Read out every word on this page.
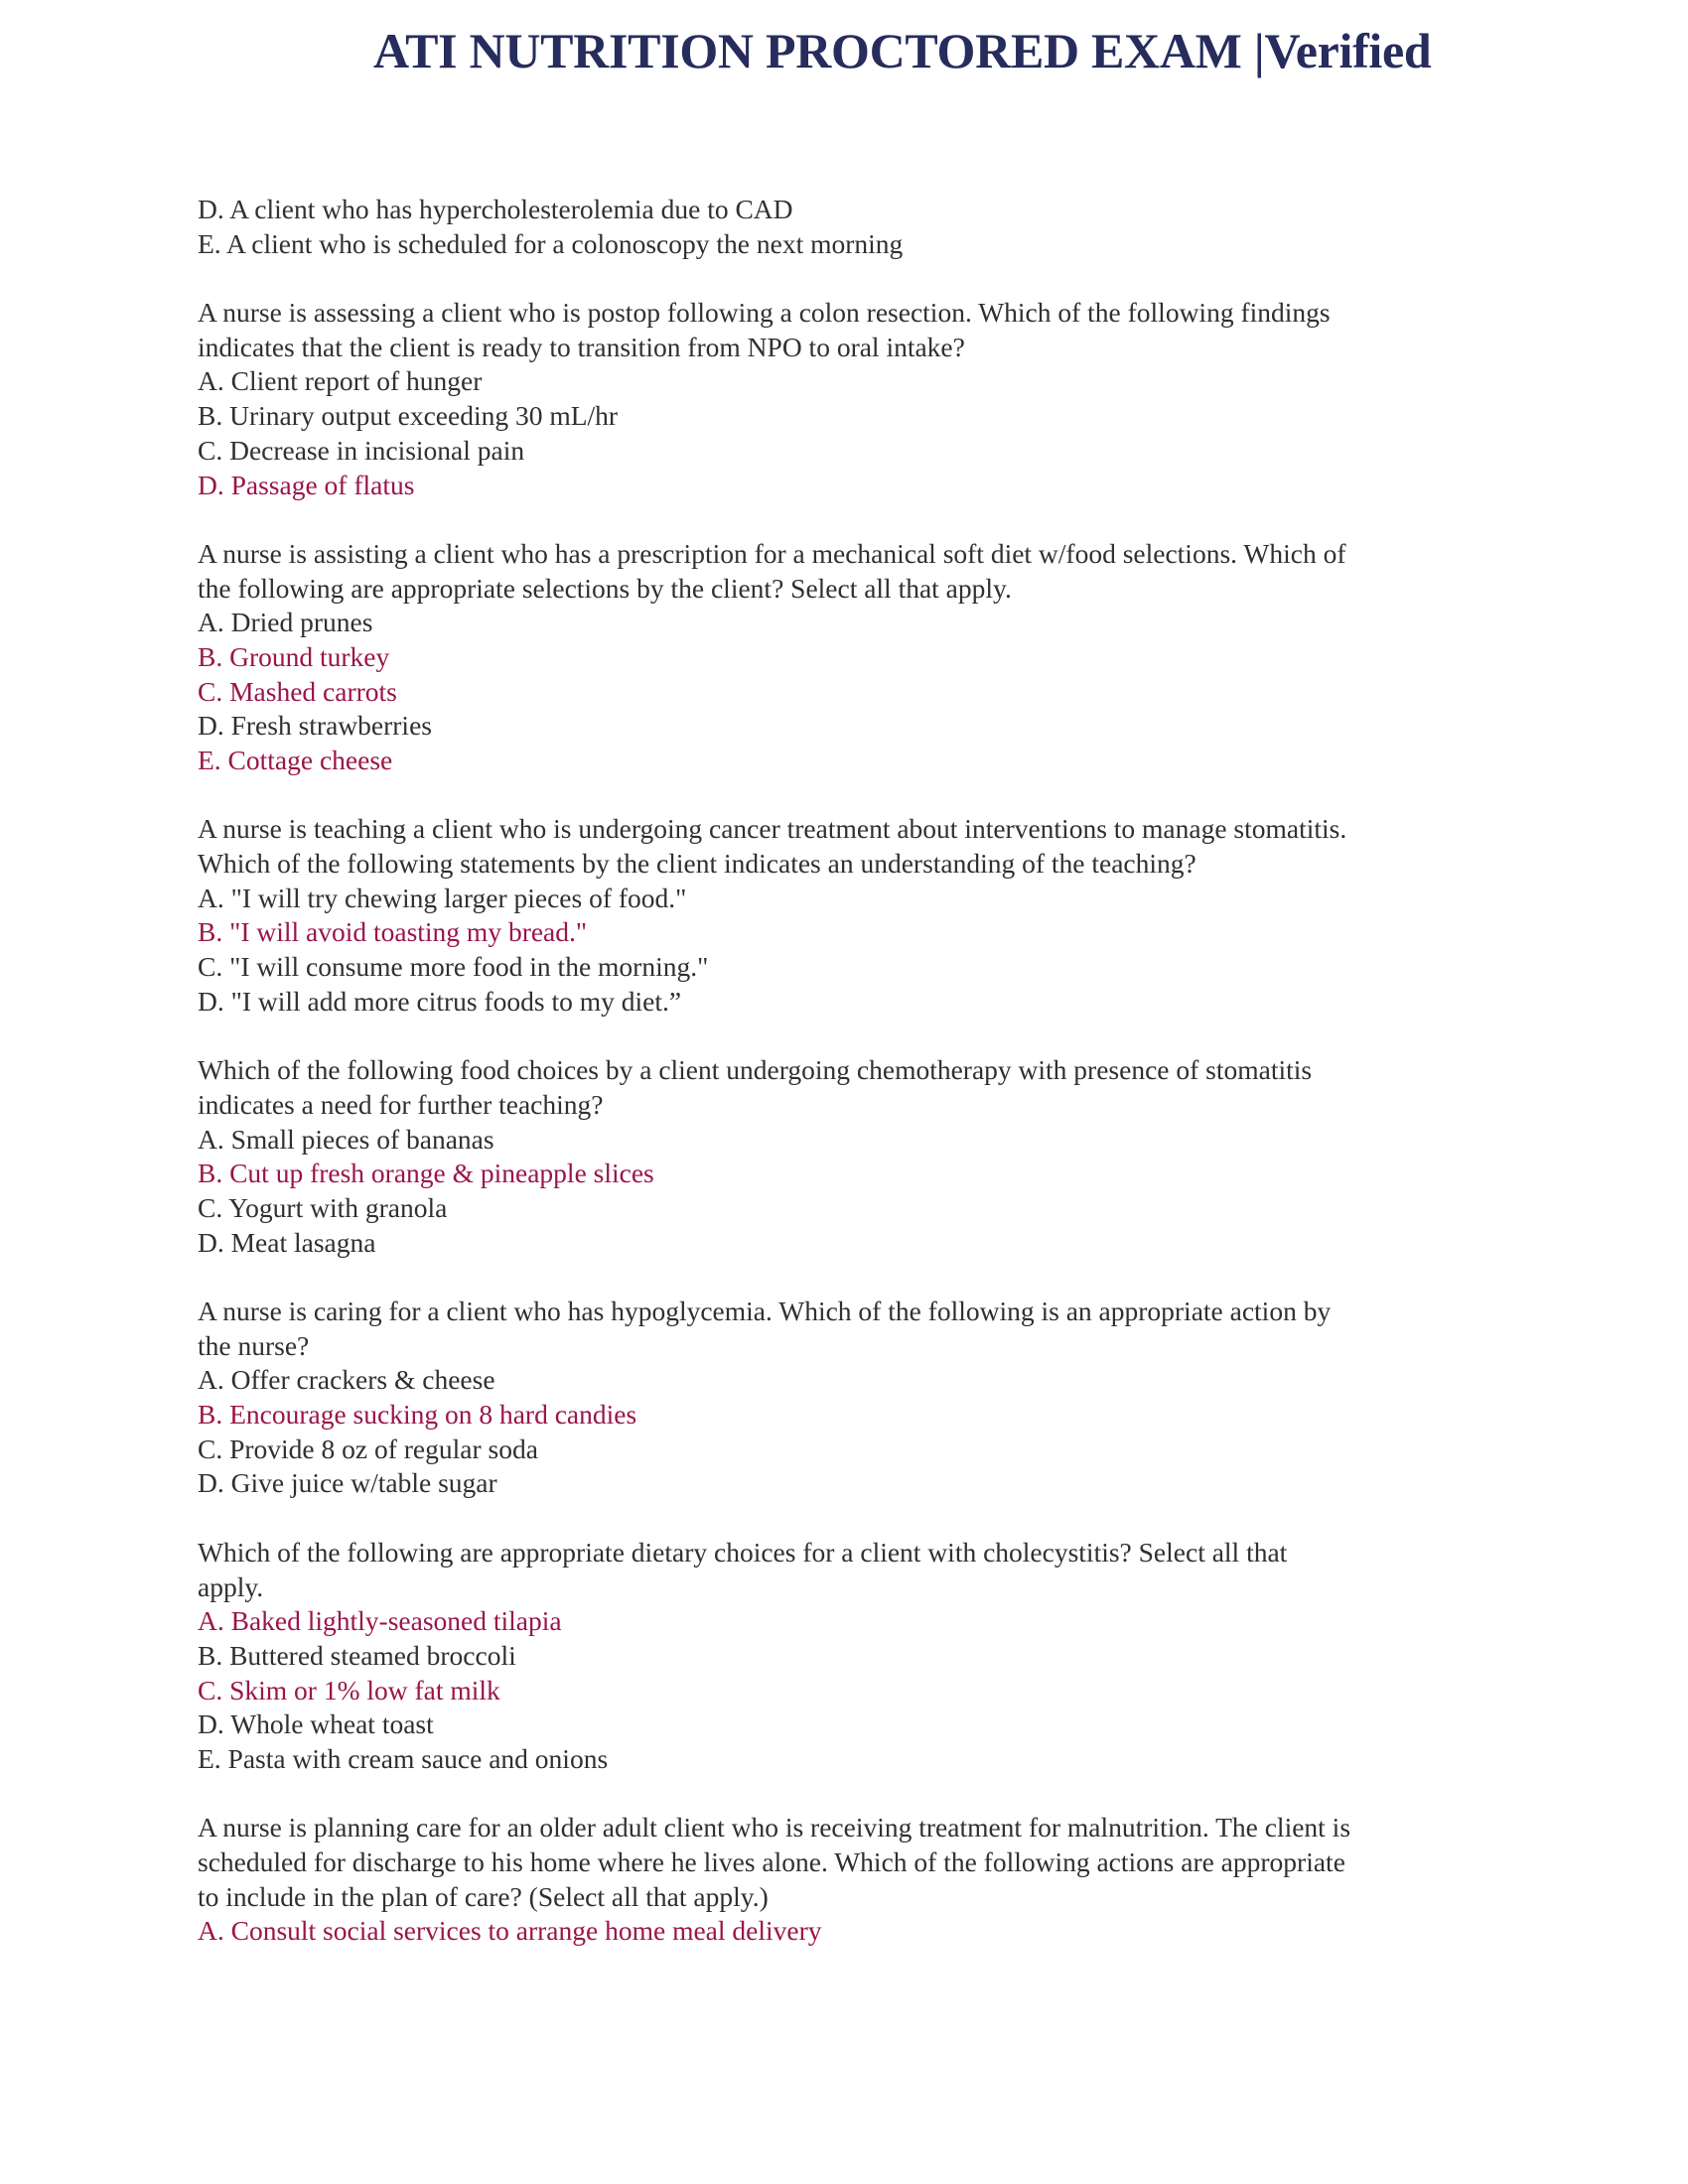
ATI NUTRITION PROCTORED EXAM |Verified
D. A client who has hypercholesterolemia due to CAD
E. A client who is scheduled for a colonoscopy the next morning
A nurse is assessing a client who is postop following a colon resection. Which of the following findings
indicates that the client is ready to transition from NPO to oral intake?
A. Client report of hunger
B. Urinary output exceeding 30 mL/hr
C. Decrease in incisional pain
D. Passage of flatus
A nurse is assisting a client who has a prescription for a mechanical soft diet w/food selections. Which of
the following are appropriate selections by the client? Select all that apply.
A. Dried prunes
B. Ground turkey
C. Mashed carrots
D. Fresh strawberries
E. Cottage cheese
A nurse is teaching a client who is undergoing cancer treatment about interventions to manage stomatitis.
Which of the following statements by the client indicates an understanding of the teaching?
A. "I will try chewing larger pieces of food."
B. "I will avoid toasting my bread."
C. "I will consume more food in the morning."
D. "I will add more citrus foods to my diet.”
Which of the following food choices by a client undergoing chemotherapy with presence of stomatitis
indicates a need for further teaching?
A. Small pieces of bananas
B. Cut up fresh orange & pineapple slices
C. Yogurt with granola
D. Meat lasagna
A nurse is caring for a client who has hypoglycemia. Which of the following is an appropriate action by
the nurse?
A. Offer crackers & cheese
B. Encourage sucking on 8 hard candies
C. Provide 8 oz of regular soda
D. Give juice w/table sugar
Which of the following are appropriate dietary choices for a client with cholecystitis? Select all that
apply.
A. Baked lightly-seasoned tilapia
B. Buttered steamed broccoli
C. Skim or 1% low fat milk
D. Whole wheat toast
E. Pasta with cream sauce and onions
A nurse is planning care for an older adult client who is receiving treatment for malnutrition. The client is
scheduled for discharge to his home where he lives alone. Which of the following actions are appropriate
to include in the plan of care? (Select all that apply.)
A. Consult social services to arrange home meal delivery
